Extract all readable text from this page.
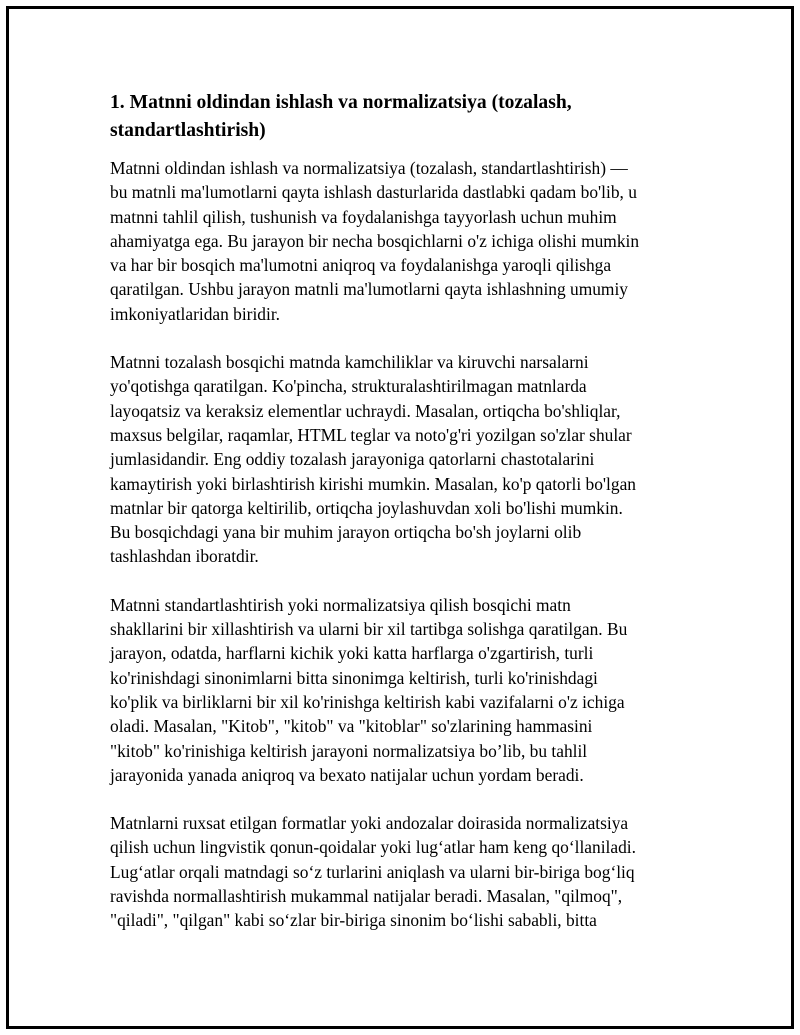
1. Matnni oldindan ishlash va normalizatsiya (tozalash,
standartlashtirish)

Matnni oldindan ishlash va normalizatsiya (tozalash, standartlashtirish) —
bu matnli ma'lumotlarni qayta ishlash dasturlarida dastlabki qadam bo'lib, u
matnni tahlil qilish, tushunish va foydalanishga tayyorlash uchun muhim
ahamiyatga ega. Bu jarayon bir necha bosqichlarni o'z ichiga olishi mumkin
va har bir bosqich ma'lumotni aniqroq va foydalanishga yaroqli qilishga
qaratilgan. Ushbu jarayon matnli ma'lumotlarni qayta ishlashning umumiy
imkoniyatlaridan biridir.

Matnni tozalash bosqichi matnda kamchiliklar va kiruvchi narsalarni
yo'qotishga qaratilgan. Ko'pincha, strukturalashtirilmagan matnlarda
layoqatsiz va keraksiz elementlar uchraydi. Masalan, ortiqcha bo'shliqlar,
maxsus belgilar, raqamlar, HTML teglar va noto'g'ri yozilgan so'zlar shular
jumlasidandir. Eng oddiy tozalash jarayoniga qatorlarni chastotalarini
kamaytirish yoki birlashtirish kirishi mumkin. Masalan, ko'p qatorli bo'lgan
matnlar bir qatorga keltirilib, ortiqcha joylashuvdan xoli bo'lishi mumkin.
Bu bosqichdagi yana bir muhim jarayon ortiqcha bo'sh joylarni olib
tashlashdan iboratdir.

Matnni standartlashtirish yoki normalizatsiya qilish bosqichi matn
shakllarini bir xillashtirish va ularni bir xil tartibga solishga qaratilgan. Bu
jarayon, odatda, harflarni kichik yoki katta harflarga o'zgartirish, turli
ko'rinishdagi sinonimlarni bitta sinonimga keltirish, turli ko'rinishdagi
ko'plik va birliklarni bir xil ko'rinishga keltirish kabi vazifalarni o'z ichiga
oladi. Masalan, "Kitob", "kitob" va "kitoblar" so'zlarining hammasini
"kitob" ko'rinishiga keltirish jarayoni normalizatsiya bo’lib, bu tahlil
jarayonida yanada aniqroq va bexato natijalar uchun yordam beradi.

Matnlarni ruxsat etilgan formatlar yoki andozalar doirasida normalizatsiya
qilish uchun lingvistik qonun-qoidalar yoki lug‘atlar ham keng qo‘llaniladi.
Lug‘atlar orqali matndagi so‘z turlarini aniqlash va ularni bir-biriga bog‘liq
ravishda normallashtirish mukammal natijalar beradi. Masalan, "qilmoq",
"qiladi", "qilgan" kabi so‘zlar bir-biriga sinonim bo‘lishi sababli, bitta
